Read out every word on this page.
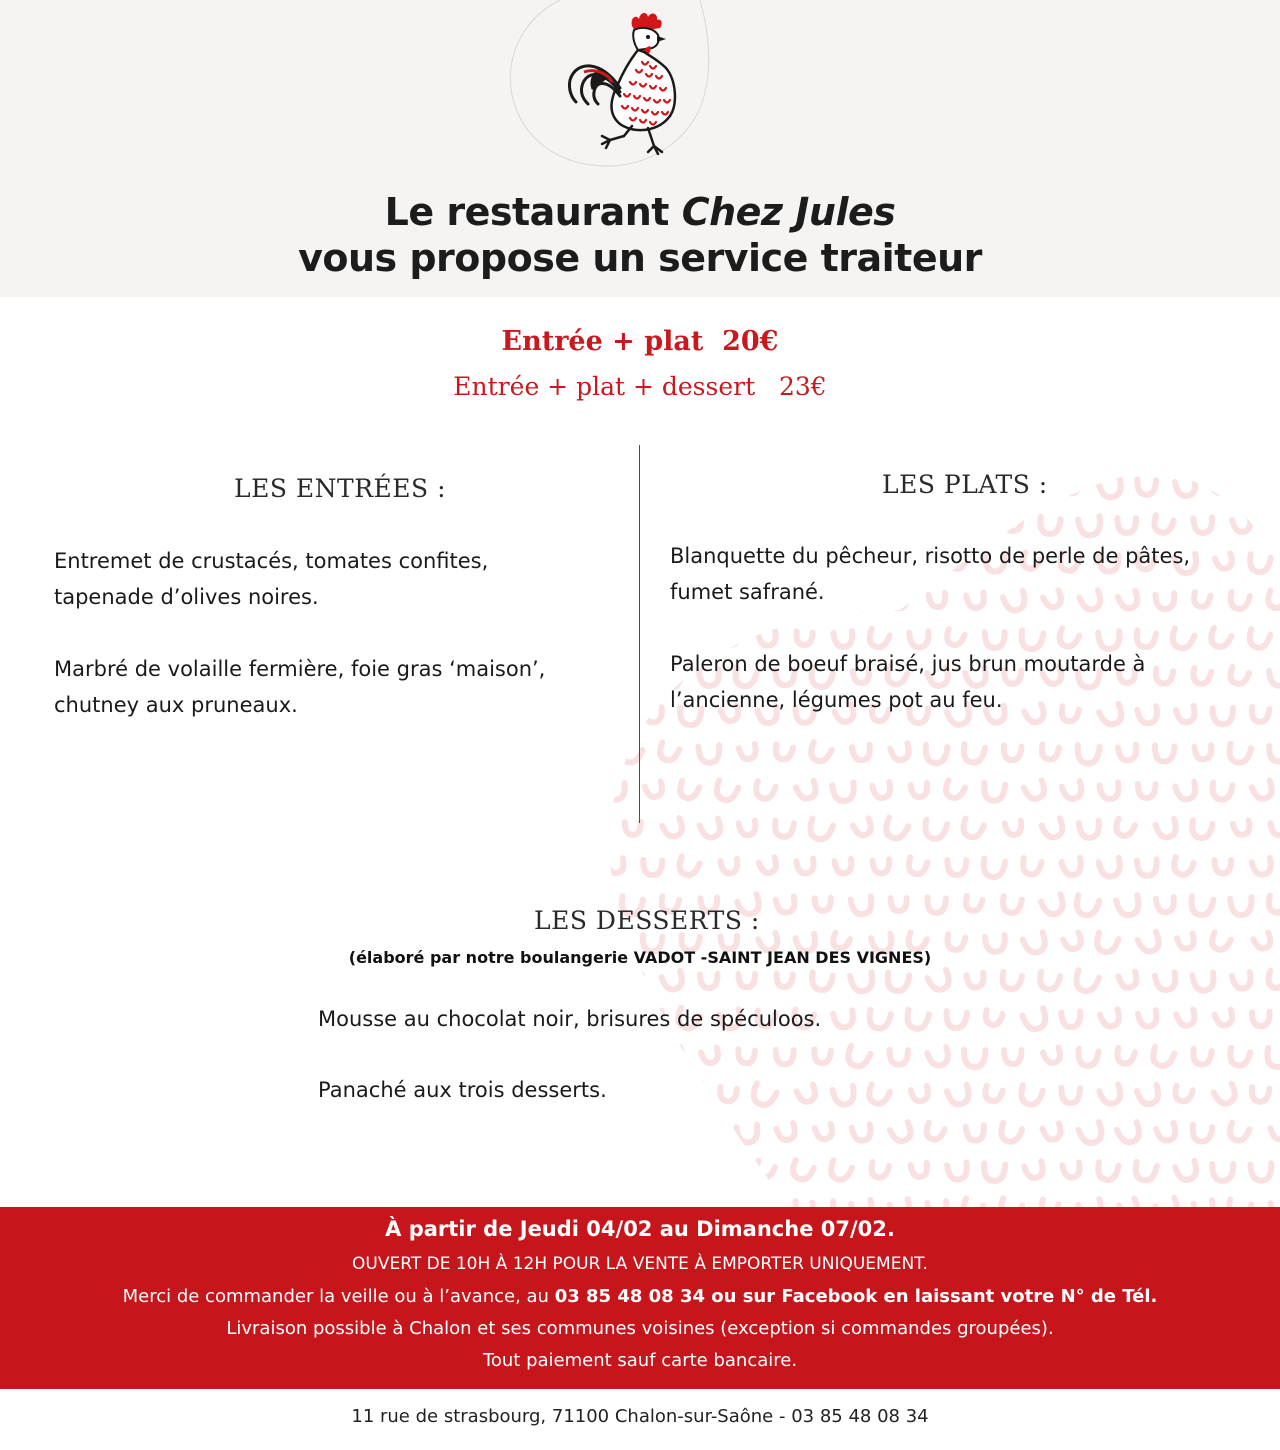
Le restaurant Chez Jules
vous propose un service traiteur
Entrée + plat  20€
Entrée + plat + dessert   23€
LES ENTRÉES :
Entremet de crustacés, tomates confites,
tapenade d’olives noires.
Marbré de volaille fermière, foie gras ‘maison’,
chutney aux pruneaux.
LES PLATS :
Blanquette du pêcheur, risotto de perle de pâtes,
fumet safrané.
Paleron de boeuf braisé, jus brun moutarde à
l’ancienne, légumes pot au feu.
LES DESSERTS :
(élaboré par notre boulangerie VADOT -SAINT JEAN DES VIGNES)
Mousse au chocolat noir, brisures de spéculoos.
Panaché aux trois desserts.
À partir de Jeudi 04/02 au Dimanche 07/02.
OUVERT DE 10H À 12H POUR LA VENTE À EMPORTER UNIQUEMENT.
Merci de commander la veille ou à l’avance, au 03 85 48 08 34 ou sur Facebook en laissant votre N° de Tél.
Livraison possible à Chalon et ses communes voisines (exception si commandes groupées).
Tout paiement sauf carte bancaire.
11 rue de strasbourg, 71100 Chalon-sur-Saône - 03 85 48 08 34
